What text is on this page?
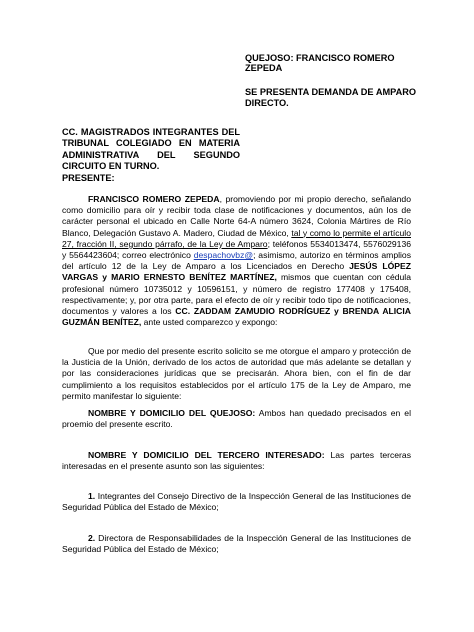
QUEJOSO: FRANCISCO ROMERO ZEPEDA
SE PRESENTA DEMANDA DE AMPARO
DIRECTO.
CC. MAGISTRADOS INTEGRANTES DEL
TRIBUNAL COLEGIADO EN MATERIA
ADMINISTRATIVA DEL SEGUNDO
CIRCUITO EN TURNO.
PRESENTE:
FRANCISCO ROMERO ZEPEDA, promoviendo por mi propio derecho, señalando como domicilio para oír y recibir toda clase de notificaciones y documentos, aún los de carácter personal el ubicado en Calle Norte 64-A número 3624, Colonia Mártires de Río Blanco, Delegación Gustavo A. Madero, Ciudad de México, tal y como lo permite el artículo 27, fracción II, segundo párrafo, de la Ley de Amparo; teléfonos 5534013474, 5576029136 y 5564423604; correo electrónico despachovbz@; asimismo, autorizo en términos amplios del artículo 12 de la Ley de Amparo a los Licenciados en Derecho JESÚS LÓPEZ VARGAS y MARIO ERNESTO BENÍTEZ MARTÍNEZ, mismos que cuentan con cédula profesional número 10735012 y 10596151, y número de registro 177408 y 175408, respectivamente; y, por otra parte, para el efecto de oír y recibir todo tipo de notificaciones, documentos y valores a los CC. ZADDAM ZAMUDIO RODRÍGUEZ y BRENDA ALICIA GUZMÁN BENÍTEZ, ante usted comparezco y expongo:
Que por medio del presente escrito solicito se me otorgue el amparo y protección de la Justicia de la Unión, derivado de los actos de autoridad que más adelante se detallan y por las consideraciones jurídicas que se precisarán. Ahora bien, con el fin de dar cumplimiento a los requisitos establecidos por el artículo 175 de la Ley de Amparo, me permito manifestar lo siguiente:
NOMBRE Y DOMICILIO DEL QUEJOSO: Ambos han quedado precisados en el proemio del presente escrito.
NOMBRE Y DOMICILIO DEL TERCERO INTERESADO: Las partes terceras interesadas en el presente asunto son las siguientes:
1. Integrantes del Consejo Directivo de la Inspección General de las Instituciones de Seguridad Pública del Estado de México;
2. Directora de Responsabilidades de la Inspección General de las Instituciones de Seguridad Pública del Estado de México;
